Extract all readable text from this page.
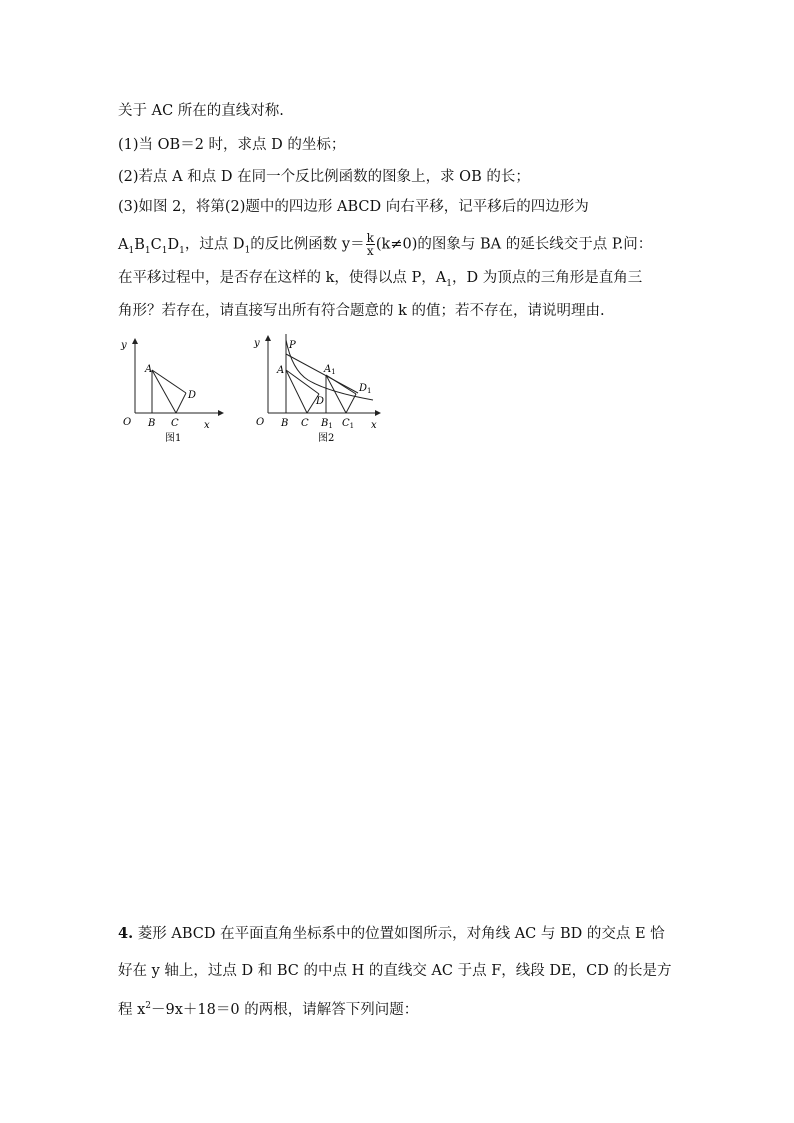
关于 AC 所在的直线对称.
(1)当 OB＝2 时，求点 D 的坐标；
(2)若点 A 和点 D 在同一个反比例函数的图象上，求 OB 的长；
(3)如图 2，将第(2)题中的四边形 ABCD 向右平移，记平移后的四边形为
$A_1B_1C_1D_1$，过点 $D_1$的反比例函数 $y= \frac{k}{x} (k\ne 0)$的图象与 BA 的延长线交于点 P.问：
在平移过程中，是否存在这样的 k，使得以点 P，$A_1$，D 为顶点的三角形是直角三
角形？若存在，请直接写出所有符合题意的 k 的值；若不存在，请说明理由.
y
x
O
A
B C
D
图1
y
x
O
P
A
B C
D
$A_1$
$B_1$ $C_1$
$D_1$
图2
4. 菱形 ABCD 在平面直角坐标系中的位置如图所示，对角线 AC 与 BD 的交点 E 恰
好在 y 轴上，过点 D 和 BC 的中点 H 的直线交 AC 于点 F，线段 DE，CD 的长是方
程 $x^2-9x+18=0$ 的两根，请解答下列问题：
